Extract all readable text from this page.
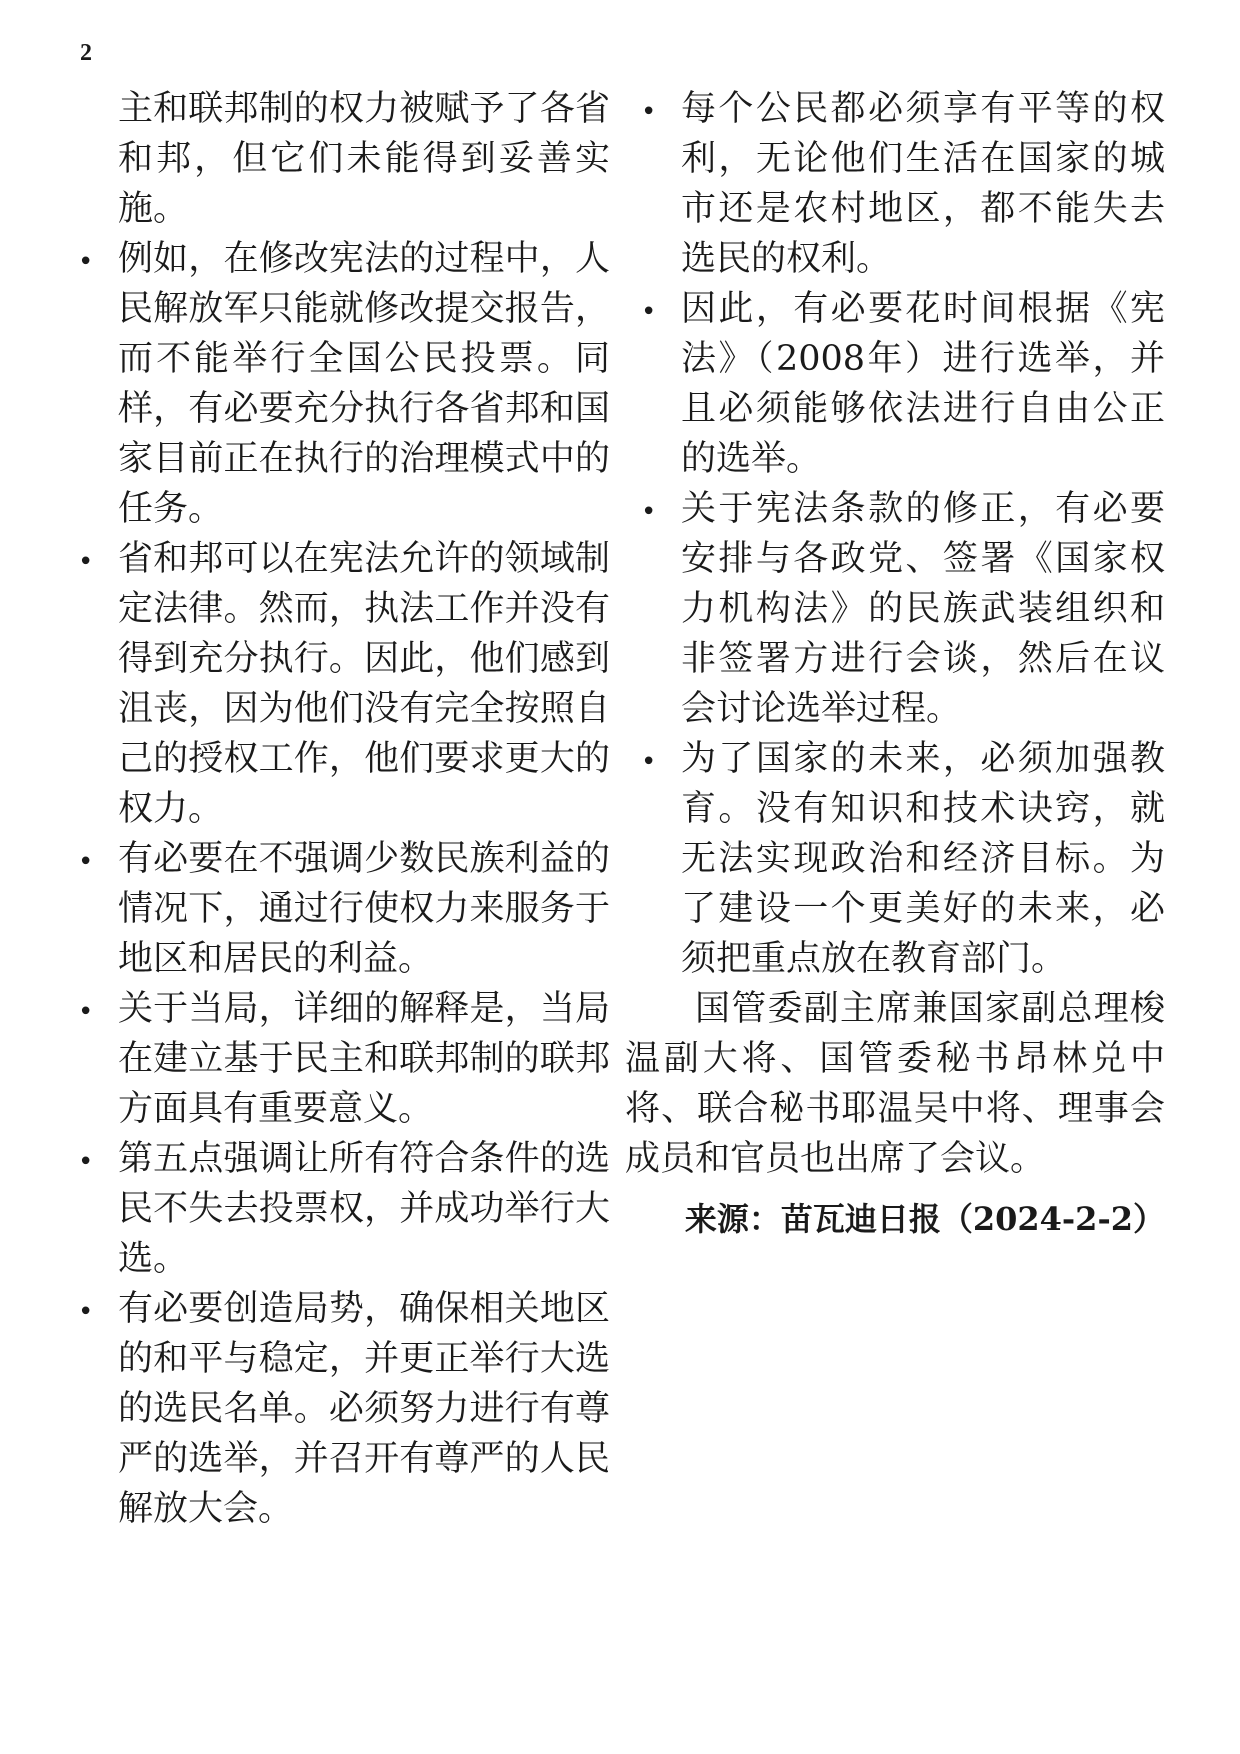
2

主和联邦制的权力被赋予了各省和邦，但它们未能得到妥善实施。

• 例如，在修改宪法的过程中，人民解放军只能就修改提交报告，而不能举行全国公民投票。同样，有必要充分执行各省邦和国家目前正在执行的治理模式中的任务。
• 省和邦可以在宪法允许的领域制定法律。然而，执法工作并没有得到充分执行。因此，他们感到沮丧，因为他们没有完全按照自己的授权工作，他们要求更大的权力。
• 有必要在不强调少数民族利益的情况下，通过行使权力来服务于地区和居民的利益。
• 关于当局，详细的解释是，当局在建立基于民主和联邦制的联邦方面具有重要意义。
• 第五点强调让所有符合条件的选民不失去投票权，并成功举行大选。
• 有必要创造局势，确保相关地区的和平与稳定，并更正举行大选的选民名单。必须努力进行有尊严的选举，并召开有尊严的人民解放大会。
• 每个公民都必须享有平等的权利，无论他们生活在国家的城市还是农村地区，都不能失去选民的权利。
• 因此，有必要花时间根据《宪法》（2008年）进行选举，并且必须能够依法进行自由公正的选举。
• 关于宪法条款的修正，有必要安排与各政党、签署《国家权力机构法》的民族武装组织和非签署方进行会谈，然后在议会讨论选举过程。
• 为了国家的未来，必须加强教育。没有知识和技术诀窍，就无法实现政治和经济目标。为了建设一个更美好的未来，必须把重点放在教育部门。

国管委副主席兼国家副总理梭温副大将、国管委秘书昂林兑中将、联合秘书耶温吴中将、理事会成员和官员也出席了会议。

来源：苗瓦迪日报（2024-2-2）
